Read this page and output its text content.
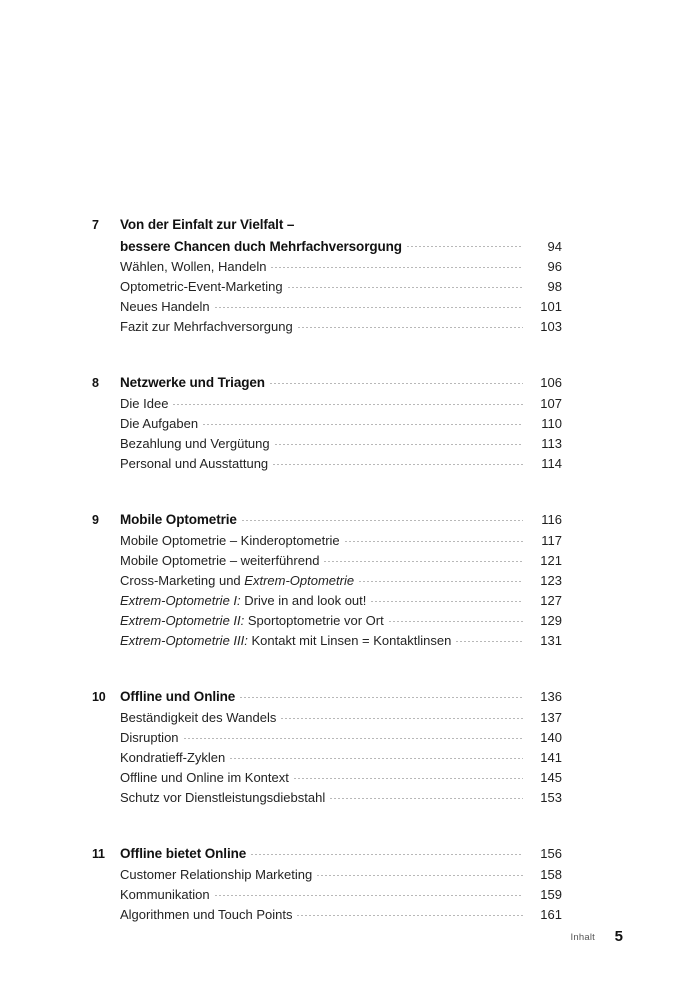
7	Von der Einfalt zur Vielfalt –
bessere Chancen duch Mehrfachversorgung	94
Wählen, Wollen, Handeln	96
Optometric-Event-Marketing	98
Neues Handeln	101
Fazit zur Mehrfachversorgung	103
8	Netzwerke und Triagen	106
Die Idee	107
Die Aufgaben	110
Bezahlung und Vergütung	113
Personal und Ausstattung	114
9	Mobile Optometrie	116
Mobile Optometrie – Kinderoptometrie	117
Mobile Optometrie – weiterführend	121
Cross-Marketing und Extrem-Optometrie	123
Extrem-Optometrie I: Drive in and look out!	127
Extrem-Optometrie II: Sportoptometrie vor Ort	129
Extrem-Optometrie III: Kontakt mit Linsen = Kontaktlinsen	131
10	Offline und Online	136
Beständigkeit des Wandels	137
Disruption	140
Kondratieff-Zyklen	141
Offline und Online im Kontext	145
Schutz vor Dienstleistungsdiebstahl	153
11	Offline bietet Online	156
Customer Relationship Marketing	158
Kommunikation	159
Algorithmen und Touch Points	161
Inhalt 5
